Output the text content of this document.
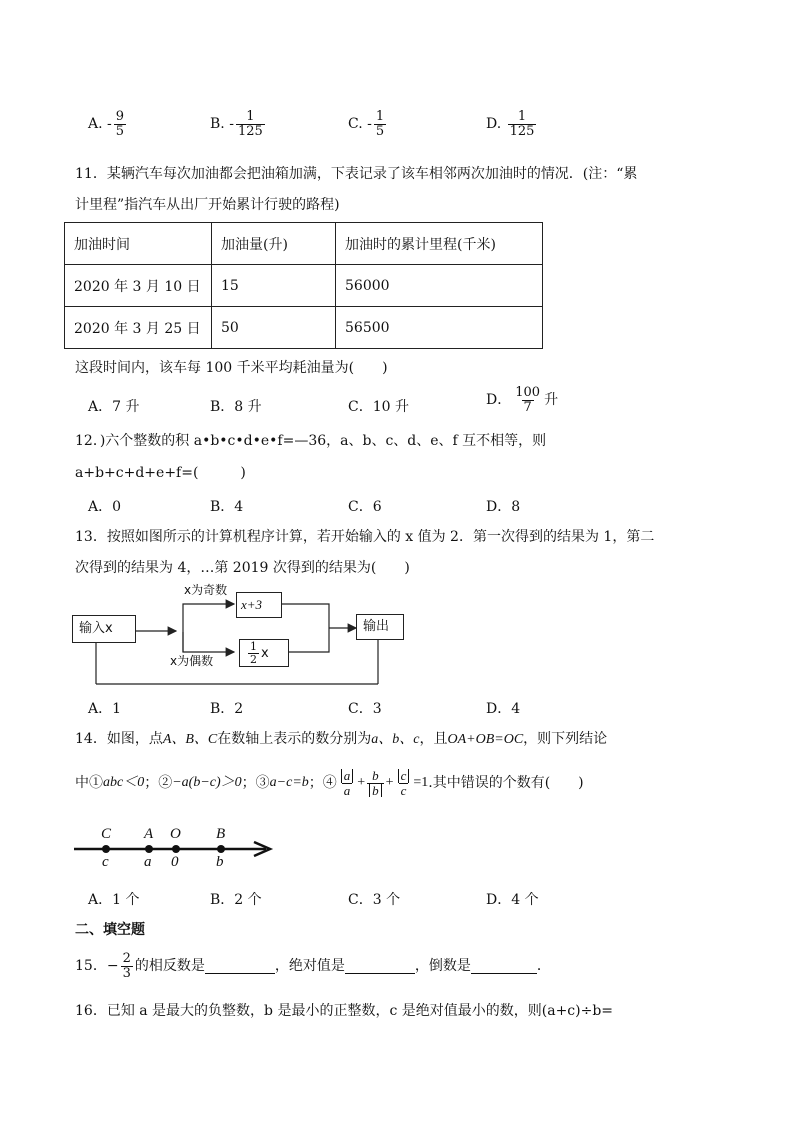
A. - $\frac{9}{5}$	B. - $\frac{1}{125}$	C. - $\frac{1}{5}$	D. $\frac{1}{125}$
11．某辆汽车每次加油都会把油箱加满，下表记录了该车相邻两次加油时的情况．(注：“累
计里程”指汽车从出厂开始累计行驶的路程)
加油时间	加油量(升)	加油时的累计里程(千米)
2020 年 3 月 10 日	15	56000
2020 年 3 月 25 日	50	56500
这段时间内，该车每 100 千米平均耗油量为(　　)
A．7 升	B．8 升	C．10 升	D． $\frac{100}{7}$ 升
12．)六个整数的积 a•b•c•d•e•f=—36，a、b、c、d、e、f 互不相等，则
a+b+c+d+e+f=(　　　)
A．0	B．4	C．6	D．8
13．按照如图所示的计算机程序计算，若开始输入的 x 值为 2．第一次得到的结果为 1，第二
次得到的结果为 4，…第 2019 次得到的结果为(　　)
输入x
x为奇数
x+3
$\frac{1}{2}$ x
x为偶数
输出
A．1	B．2	C．3	D．4
14．如图，点A、B、C在数轴上表示的数分别为a、b、c，且OA+OB=OC，则下列结论
中① abc＜0 ；② −a(b−c)＞0 ；③ a−c=b ；④ $\frac{a}{a} + \frac{b}{b} + \frac{c}{c} =1$ .其中错误的个数有(　　)
C A O B
c a 0	b
A．1 个	B．2 个	C．3 个	D．4 个
二、填空题
15． − $\frac{2}{3}$ 的相反数是	，绝对值是	，倒数是	．
16．已知 a 是最大的负整数，b 是最小的正整数，c 是绝对值最小的数，则(a+c)÷b=
